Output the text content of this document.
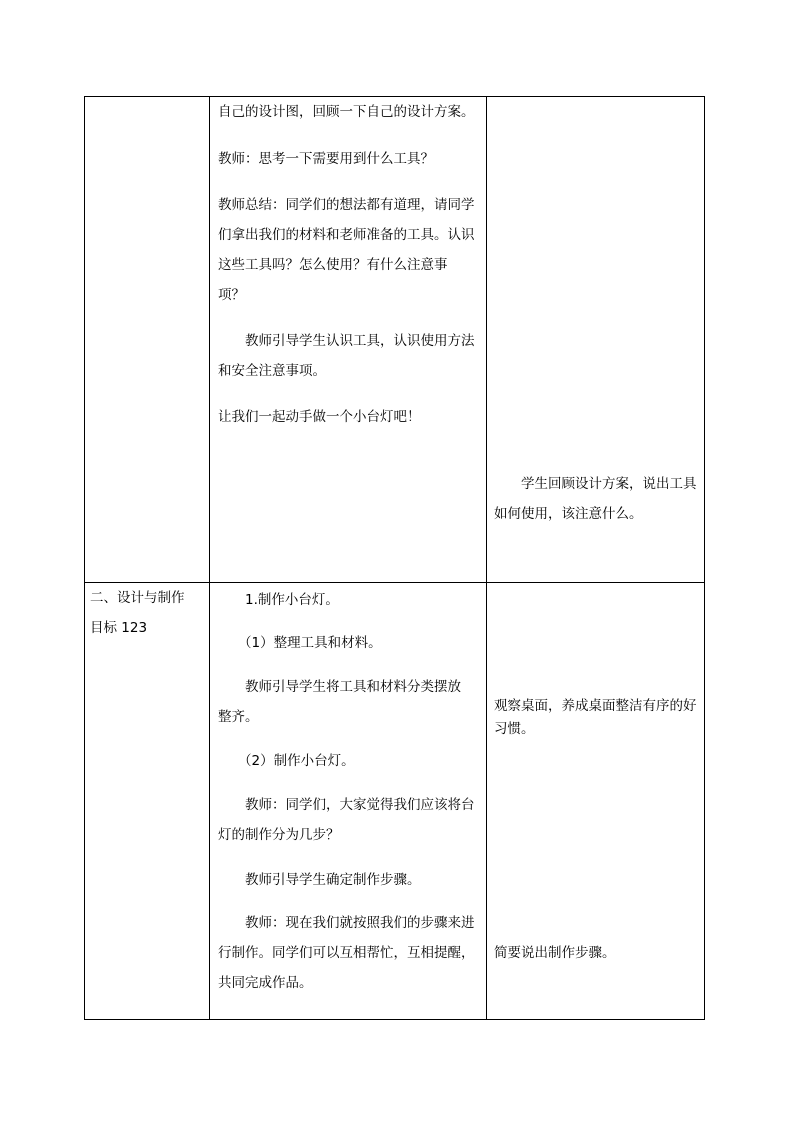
自己的设计图，回顾一下自己的设计方案。

教师：思考一下需要用到什么工具？

教师总结：同学们的想法都有道理，请同学

们拿出我们的材料和老师准备的工具。认识

这些工具吗？怎么使用？有什么注意事

项？

教师引导学生认识工具，认识使用方法

和安全注意事项。

让我们一起动手做一个小台灯吧！

学生回顾设计方案，说出工具

如何使用，该注意什么。

二、设计与制作

目标 123

1.制作小台灯。

（1）整理工具和材料。

教师引导学生将工具和材料分类摆放

整齐。

（2）制作小台灯。

教师：同学们，大家觉得我们应该将台

灯的制作分为几步？

教师引导学生确定制作步骤。

教师：现在我们就按照我们的步骤来进

行制作。同学们可以互相帮忙，互相提醒，

共同完成作品。

观察桌面，养成桌面整洁有序的好

习惯。

简要说出制作步骤。
